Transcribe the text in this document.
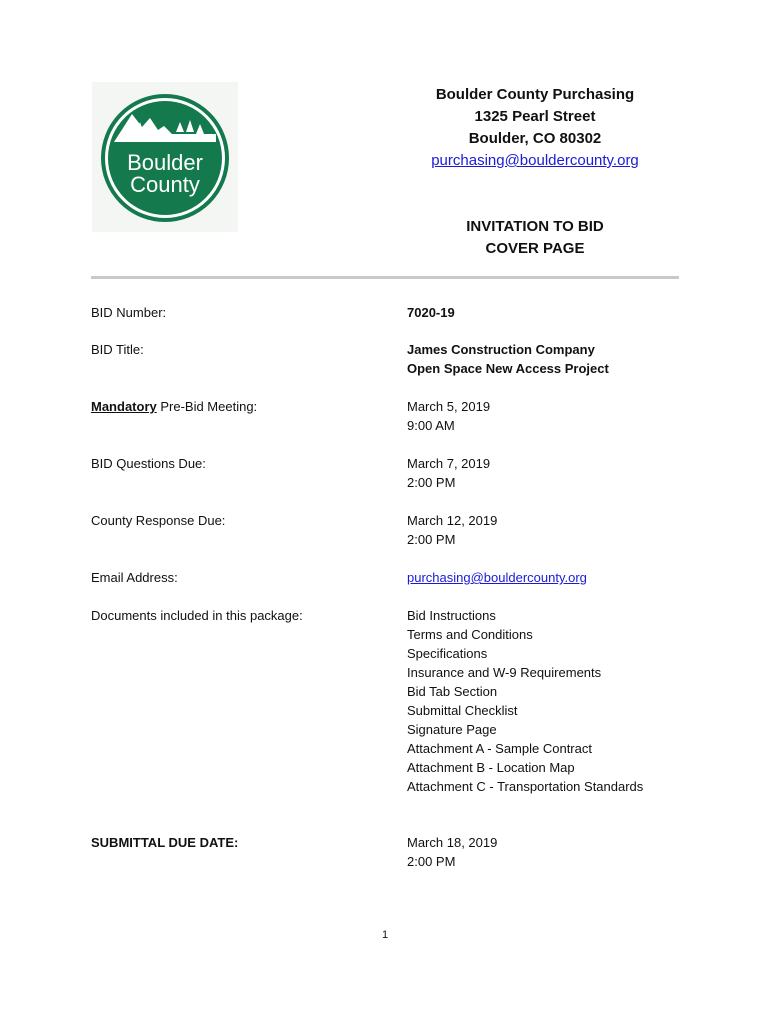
Boulder
County
Boulder County Purchasing
1325 Pearl Street
Boulder, CO 80302
purchasing@bouldercounty.org
INVITATION TO BID
COVER PAGE
BID Number:	7020-19
BID Title:	James Construction Company
Open Space New Access Project
Mandatory Pre-Bid Meeting:	March 5, 2019
9:00 AM
BID Questions Due:	March 7, 2019
2:00 PM
County Response Due:	March 12, 2019
2:00 PM
Email Address:	purchasing@bouldercounty.org
Documents included in this package:	Bid Instructions
Terms and Conditions
Specifications
Insurance and W-9 Requirements
Bid Tab Section
Submittal Checklist
Signature Page
Attachment A - Sample Contract
Attachment B - Location Map
Attachment C - Transportation Standards
SUBMITTAL DUE DATE:	March 18, 2019
2:00 PM
1
